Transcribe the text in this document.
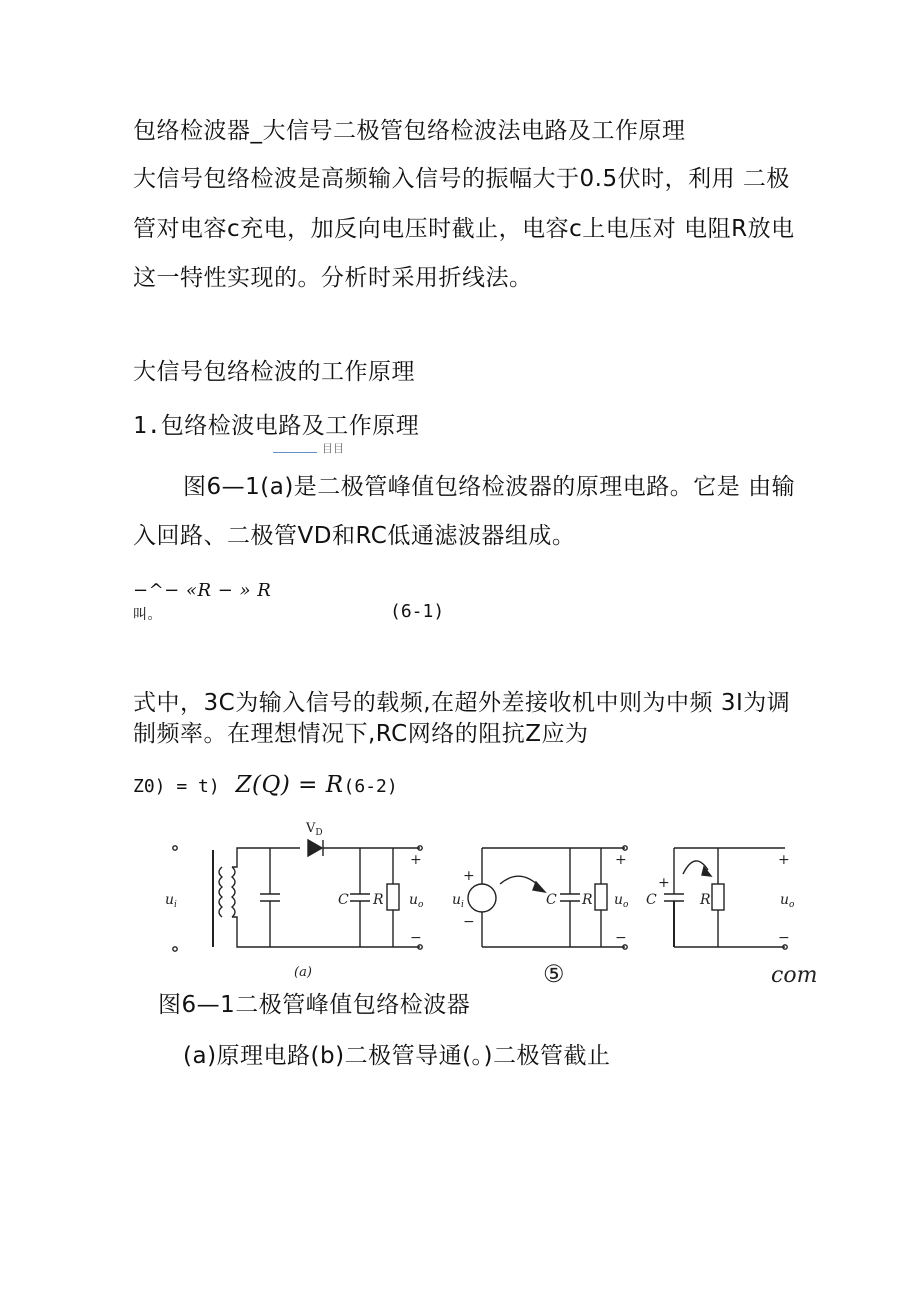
包络检波器_大信号二极管包络检波法电路及工作原理
大信号包络检波是高频输入信号的振幅大于0.5伏时，利用 二极
管对电容c充电，加反向电压时截止，电容c上电压对 电阻R放电
这一特性实现的。分析时采用折线法。
大信号包络检波的工作原理
1.包络检波电路及工作原理
目目
图6—1(a)是二极管峰值包络检波器的原理电路。它是 由输
入回路、二极管VD和RC低通滤波器组成。
−^− «R − » R
叫。	(6-1)
式中，3C为输入信号的载频,在超外差接收机中则为中频 3I为调
制频率。在理想情况下,RC网络的阻抗Z应为
Z0) = t) Z(Q) = R(6-2)
$V_D$
$u_i$	C R $u_o$
+
−
(a)
+
−
$u_i$	C R $u_o$
+
−
⑤
C
+
R	$u_o$
+
−
com
图6—1二极管峰值包络检波器
(a)原理电路(b)二极管导通(。)二极管截止
